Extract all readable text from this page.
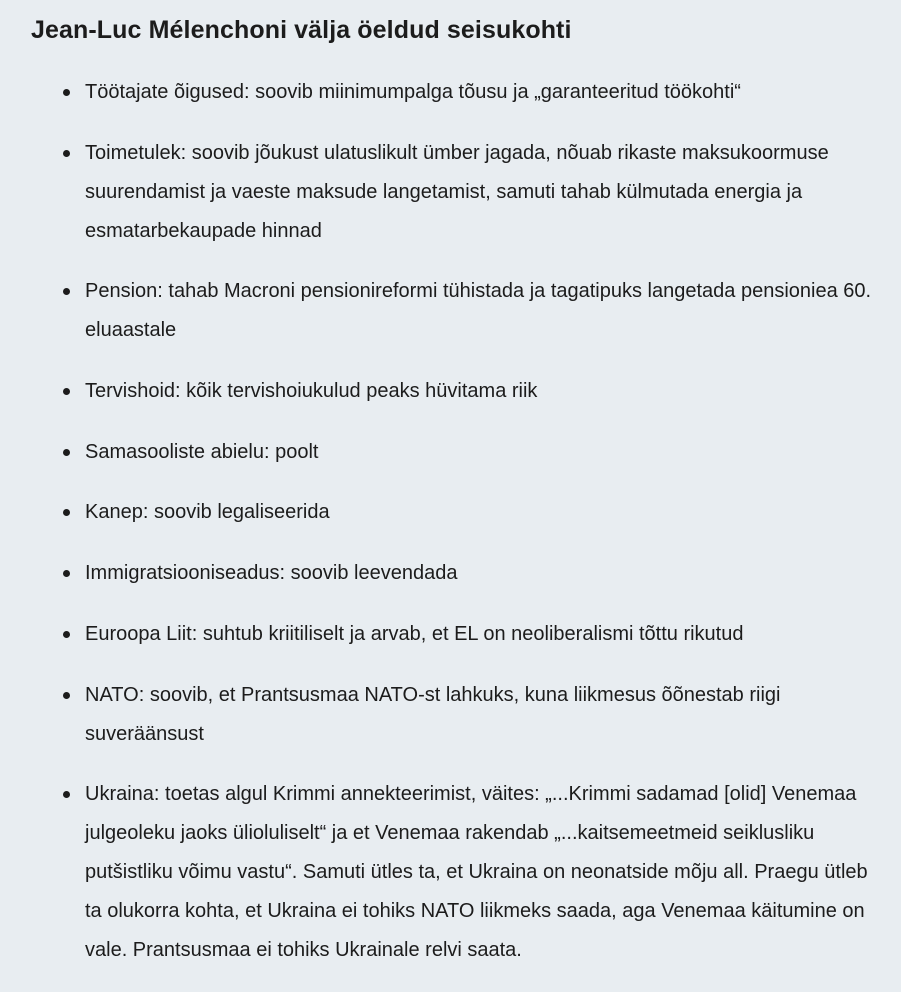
Jean-Luc Mélenchoni välja öeldud seisukohti
Töötajate õigused: soovib miinimumpalga tõusu ja „garanteeritud töökohti“
Toimetulek: soovib jõukust ulatuslikult ümber jagada, nõuab rikaste maksukoormuse suurendamist ja vaeste maksude langetamist, samuti tahab külmutada energia ja esmatarbekaupade hinnad
Pension: tahab Macroni pensionireformi tühistada ja tagatipuks langetada pensioniea 60. eluaastale
Tervishoid: kõik tervishoiukulud peaks hüvitama riik
Samasooliste abielu: poolt
Kanep: soovib legaliseerida
Immigratsiooniseadus: soovib leevendada
Euroopa Liit: suhtub kriitiliselt ja arvab, et EL on neoliberalismi tõttu rikutud
NATO: soovib, et Prantsusmaa NATO-st lahkuks, kuna liikmesus õõnestab riigi suveräänsust
Ukraina: toetas algul Krimmi annekteerimist, väites: „...Krimmi sadamad [olid] Venemaa julgeoleku jaoks ülioluliselt“ ja et Venemaa rakendab „...kaitsemeetmeid seiklusliku putšistliku võimu vastu“. Samuti ütles ta, et Ukraina on neonatside mõju all. Praegu ütleb ta olukorra kohta, et Ukraina ei tohiks NATO liikmeks saada, aga Venemaa käitumine on vale. Prantsusmaa ei tohiks Ukrainale relvi saata.
